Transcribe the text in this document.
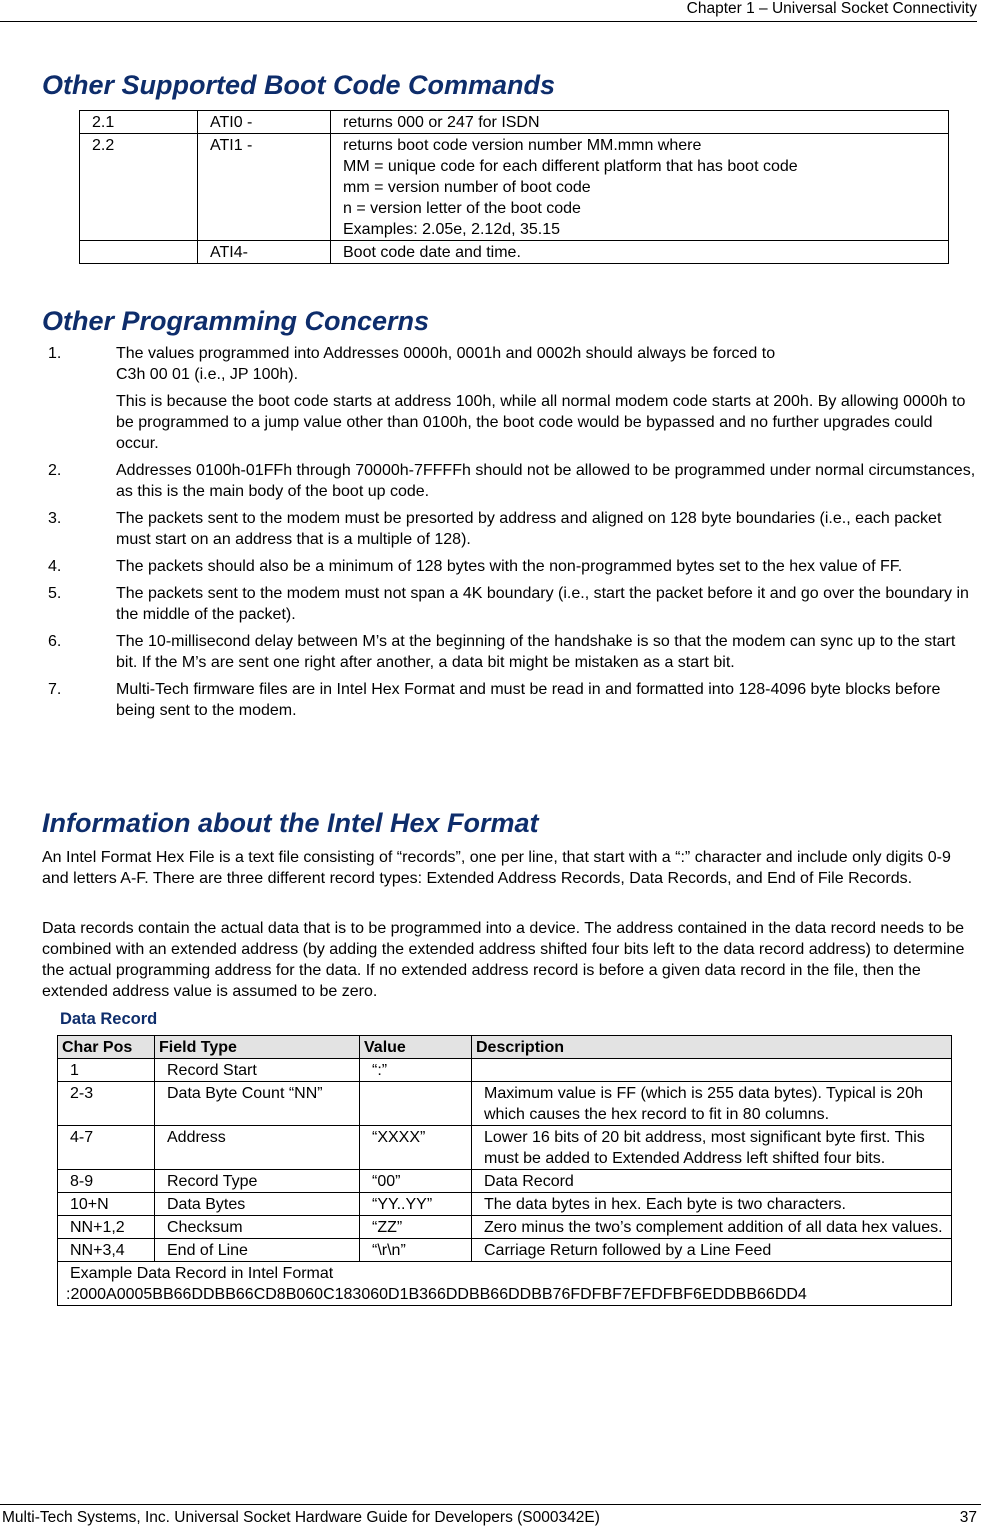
Chapter 1 – Universal Socket Connectivity
Other Supported Boot Code Commands
2.1	ATI0 -	returns 000 or 247 for ISDN

2.2	ATI1 -	returns boot code version number MM.mmn where
MM = unique code for each different platform that has boot code
mm = version number of boot code
n = version letter of the boot code
Examples: 2.05e, 2.12d, 35.15

	ATI4-	Boot code date and time.
Other Programming Concerns
1.	The values programmed into Addresses 0000h, 0001h and 0002h should always be forced to

C3h 00 01 (i.e., JP 100h).

This is because the boot code starts at address 100h, while all normal modem code starts at 200h. By allowing 0000h to be programmed to a jump value other than 0100h, the boot code would be bypassed and no further upgrades could occur.

2.	Addresses 0100h-01FFh through 70000h-7FFFFh should not be allowed to be programmed under normal circumstances, as this is the main body of the boot up code.

3.	The packets sent to the modem must be presorted by address and aligned on 128 byte boundaries (i.e., each packet must start on an address that is a multiple of 128).

4.	The packets should also be a minimum of 128 bytes with the non-programmed bytes set to the hex value of FF.

5.	The packets sent to the modem must not span a 4K boundary (i.e., start the packet before it and go over the boundary in the middle of the packet).

6.	The 10-millisecond delay between M’s at the beginning of the handshake is so that the modem can sync up to the start bit. If the M’s are sent one right after another, a data bit might be mistaken as a start bit.

7.	Multi-Tech firmware files are in Intel Hex Format and must be read in and formatted into 128-4096 byte blocks before being sent to the modem.

Information about the Intel Hex Format

An Intel Format Hex File is a text file consisting of “records”, one per line, that start with a “:” character and include only digits 0-9 and letters A-F. There are three different record types: Extended Address Records, Data Records, and End of File Records.

Data records contain the actual data that is to be programmed into a device. The address contained in the data record needs to be combined with an extended address (by adding the extended address shifted four bits left to the data record address) to determine the actual programming address for the data. If no extended address record is before a given data record in the file, then the extended address value is assumed to be zero.

Data Record

Char Pos	Field Type	Value	Description
1	Record Start	“:”	
2-3	Data Byte Count “NN”		Maximum value is FF (which is 255 data bytes). Typical is 20h which causes the hex record to fit in 80 columns.
4-7	Address	“XXXX”	Lower 16 bits of 20 bit address, most significant byte first. This must be added to Extended Address left shifted four bits.
8-9	Record Type	“00”	Data Record
10+N	Data Bytes	“YY..YY”	The data bytes in hex. Each byte is two characters.
NN+1,2	Checksum	“ZZ”	Zero minus the two’s complement addition of all data hex values.
NN+3,4	End of Line	“\r\n”	Carriage Return followed by a Line Feed

Example Data Record in Intel Format
:2000A0005BB66DDBB66CD8B060C183060D1B366DDBB66DDBB76FDFBF7EFDFBF6EDDBB66DD4			
Multi-Tech Systems, Inc. Universal Socket Hardware Guide for Developers (S000342E)	37
